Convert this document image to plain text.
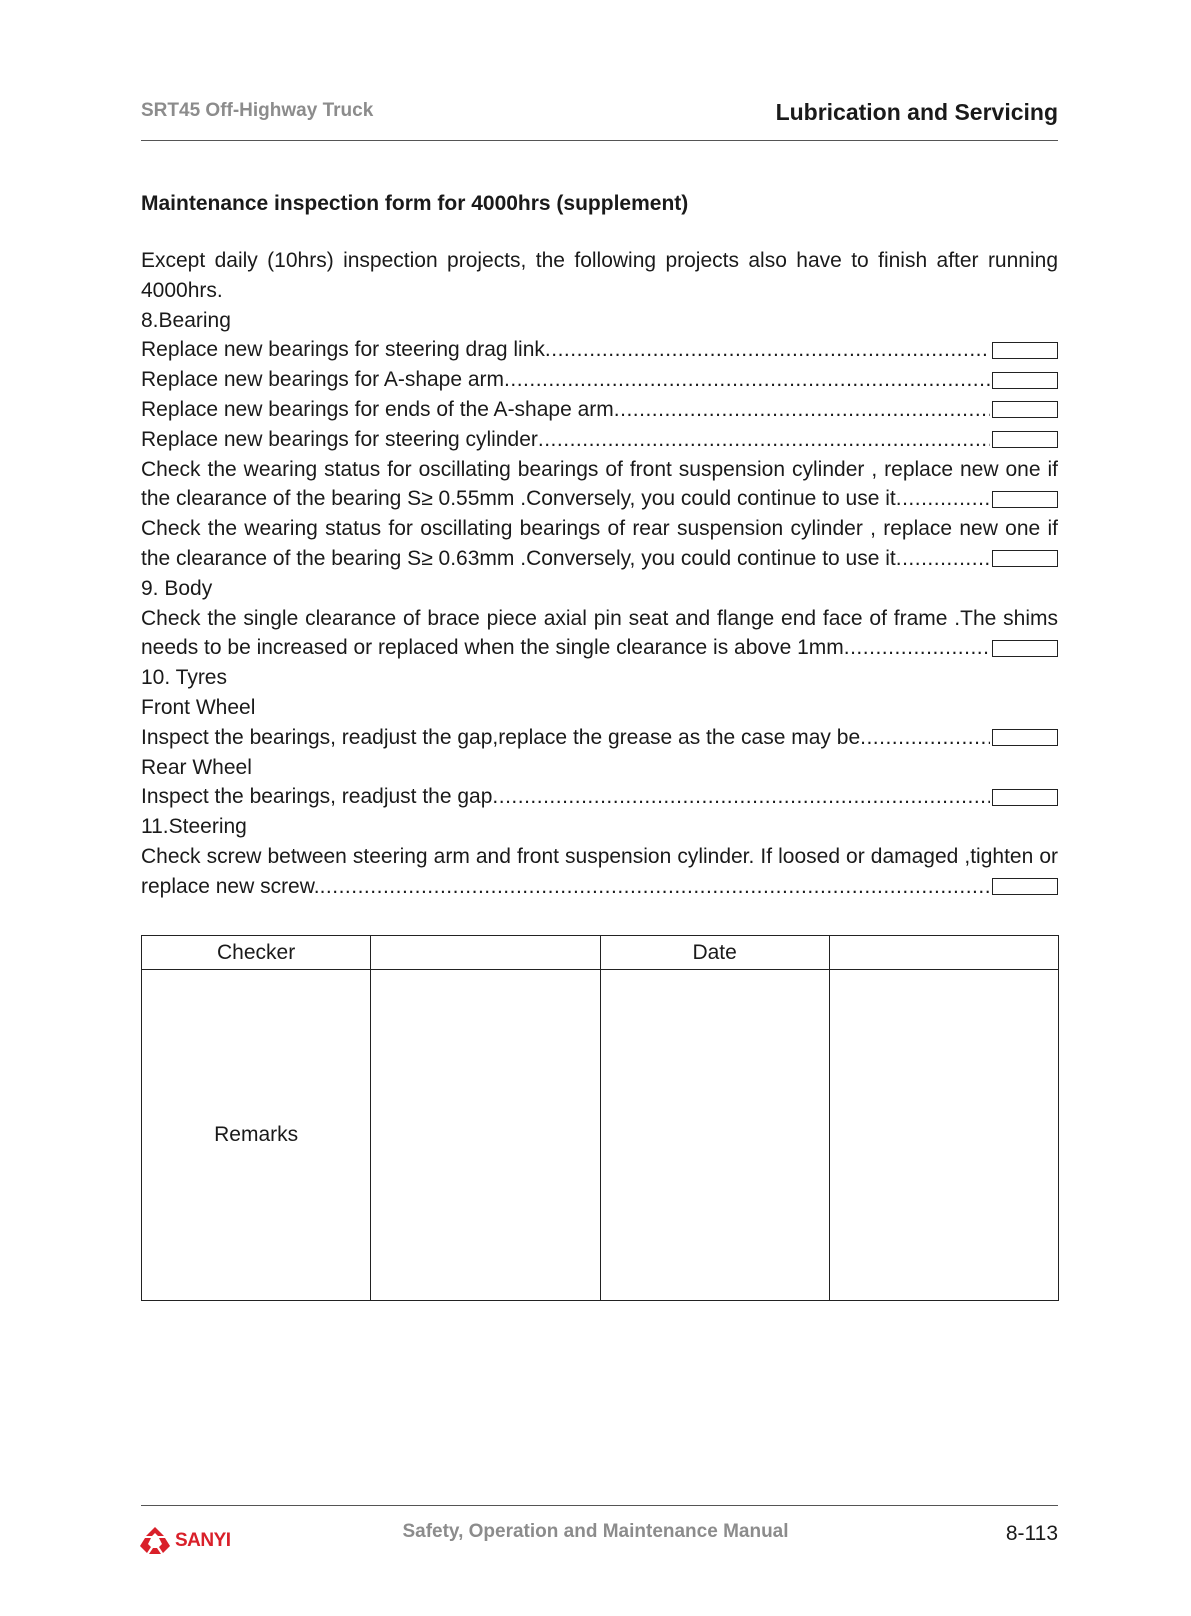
SRT45 Off-Highway Truck	Lubrication and Servicing
Maintenance inspection form for 4000hrs (supplement)
Except daily (10hrs) inspection projects, the following projects also have to finish after running 4000hrs.
8.Bearing
Replace new bearings for steering drag link
.....
Replace new bearings for A-shape arm
.....
Replace new bearings for ends of the A-shape arm
.....
Replace new bearings for steering cylinder
.....
Check the wearing status for oscillating bearings of front suspension cylinder , replace new one if
the clearance of the bearing S≥ 0.55mm .Conversely, you could continue to use it
.....
Check the wearing status for oscillating bearings of rear suspension cylinder , replace new one if
the clearance of the bearing S≥ 0.63mm .Conversely, you could continue to use it
.....
9. Body
Check the single clearance of brace piece axial pin seat and flange end face of frame .The shims
needs to be increased or replaced when the single clearance is above 1mm
.....
10. Tyres
Front Wheel
Inspect the bearings, readjust the gap,replace the grease as the case may be
.....
Rear Wheel
Inspect the bearings, readjust the gap
.....
11.Steering
Check screw between steering arm and front suspension cylinder. If loosed or damaged ,tighten or
replace new screw.
.....
Checker		Date	
Remarks			
SANYI	Safety, Operation and Maintenance Manual	8-113
